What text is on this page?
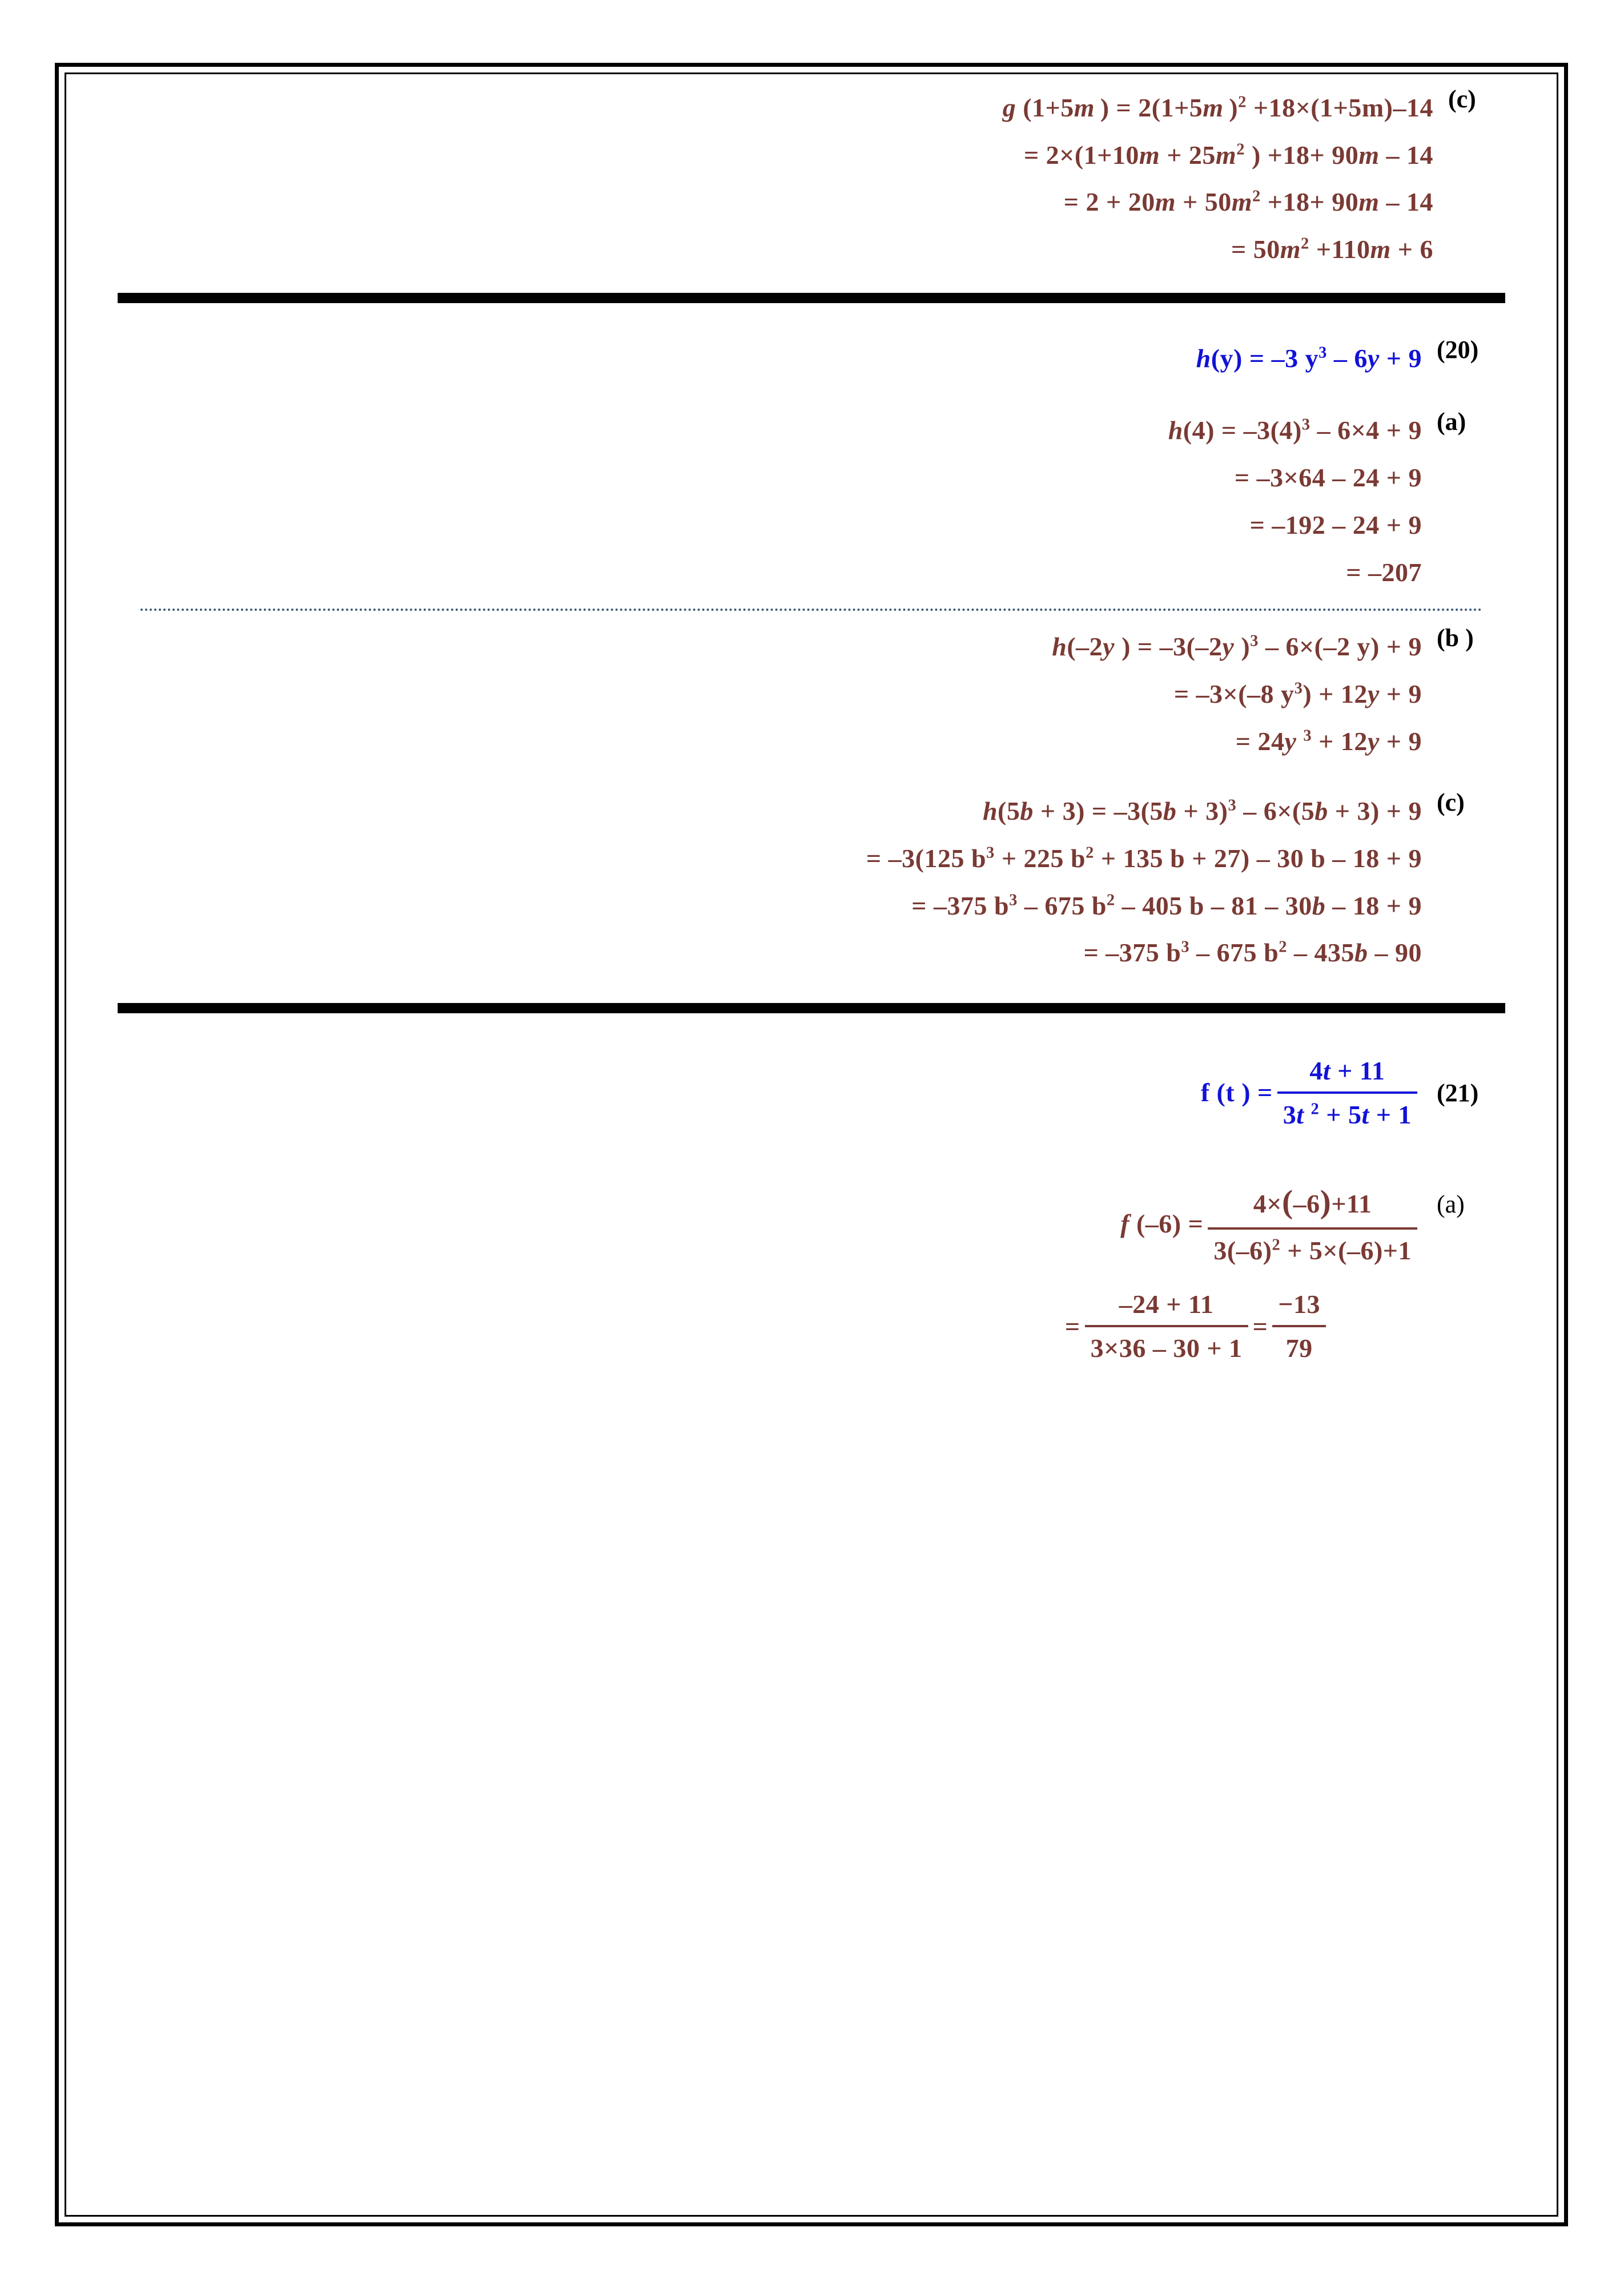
g (1+5m ) = 2(1+5m )$^2$ +18×(1+5m)–14
= $2\times(1+10m + 25m^2$ ) +18+ 90m – 14
= $2 + 20m + 50m^2 +18+ 90m - 14$
= $50m^2 +110m + 6$
(c)
h(y) = –3 $y^3 - 6y + 9$ (20)
$h(4) = -3(4)^3 - 6\times 4 + 9$
= –3×64 – 24 + 9
= –192 – 24 + 9
= –207
(a)
h(–2y ) = –3(–2y )$^3$ – 6×(–2 y) + 9
= –3×(–8 $y^3) + 12y + 9$
= 24y $^3$ + 12y + 9
(b )
$h(5b + 3) = -3(5b + 3)^3 - 6\times(5b + 3) + 9$
= –3(125 $b^3 + 225$ $b^2 + 135$ b + 27) – 30 b – 18 + 9
= –375 $b^3 - 675$ $b^2 - 405$ b – 81 – 30b – 18 + 9
= –375 $b^3 - 675$ $b^2 - 435b - 90$
(c)
f (t ) = $\frac{4t + 11}{3t ^2 + 5t + 1} (21)$
f $(-6) = \frac{4\times(-6)+11}{3(-6)^2 + 5\times(-6)+1}$
= $\frac{-24 + 11}{3\times 36 - 30 + 1} = \frac{-13}{79}$
(a)
